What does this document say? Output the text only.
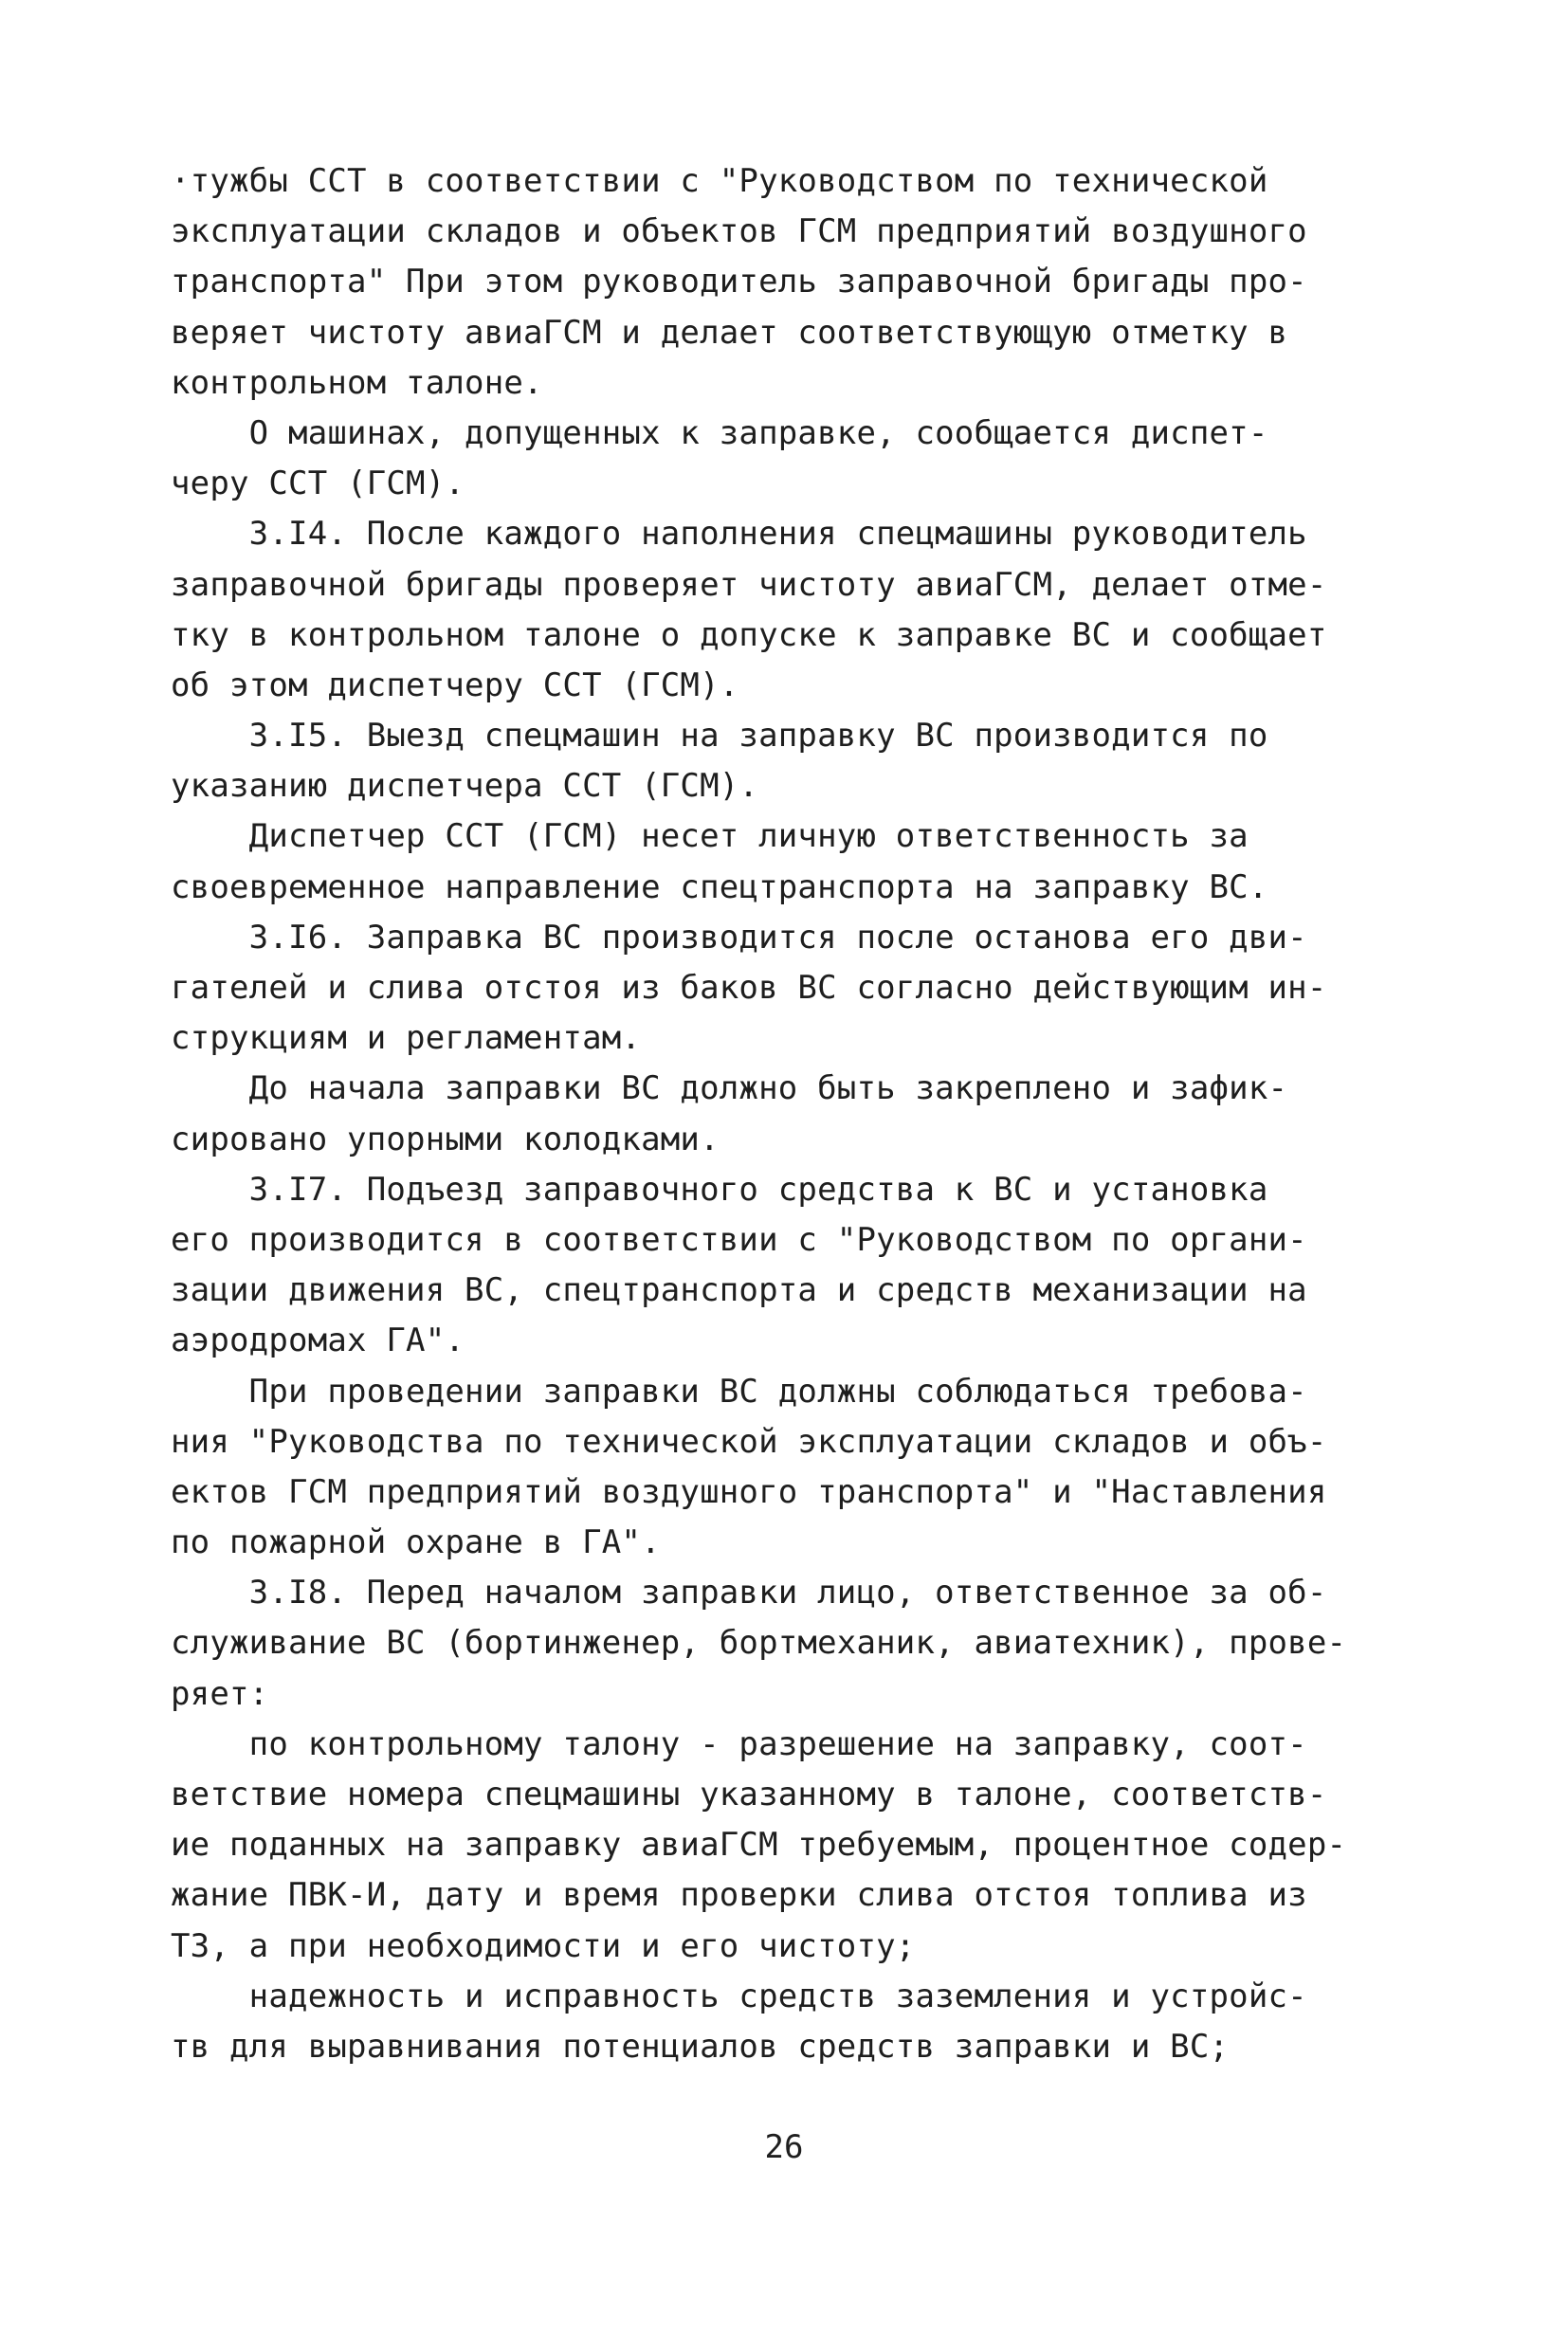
·тужбы ССТ в соответствии с "Руководством по технической
эксплуатации складов и объектов ГСМ предприятий воздушного
транспорта" При этом руководитель заправочной бригады про-
веряет чистоту авиаГСМ и делает соответствующую отметку в
контрольном талоне.
О машинах, допущенных к заправке, сообщается диспет-
черу ССТ (ГСМ).
3.I4. После каждого наполнения спецмашины руководитель
заправочной бригады проверяет чистоту авиаГСМ, делает отме-
тку в контрольном талоне о допуске к заправке ВС и сообщает
об этом диспетчеру ССТ (ГСМ).
3.I5. Выезд спецмашин на заправку ВС производится по
указанию диспетчера ССТ (ГСМ).
Диспетчер ССТ (ГСМ) несет личную ответственность за
своевременное направление спецтранспорта на заправку ВС.
3.I6. Заправка ВС производится после останова его дви-
гателей и слива отстоя из баков ВС согласно действующим ин-
струкциям и регламентам.
До начала заправки ВС должно быть закреплено и зафик-
сировано упорными колодками.
3.I7. Подъезд заправочного средства к ВС и установка
его производится в соответствии с "Руководством по органи-
зации движения ВС, спецтранспорта и средств механизации на
аэродромах ГА".
При проведении заправки ВС должны соблюдаться требова-
ния "Руководства по технической эксплуатации складов и объ-
ектов ГСМ предприятий воздушного транспорта" и "Наставления
по пожарной охране в ГА".
3.I8. Перед началом заправки лицо, ответственное за об-
служивание ВС (бортинженер, бортмеханик, авиатехник), прове-
ряет:
по контрольному талону - разрешение на заправку, соот-
ветствие номера спецмашины указанному в талоне, соответств-
ие поданных на заправку авиаГСМ требуемым, процентное содер-
жание ПВК-И, дату и время проверки слива отстоя топлива из
ТЗ, а при необходимости и его чистоту;
надежность и исправность средств заземления и устройс-
тв для выравнивания потенциалов средств заправки и ВС;
26
